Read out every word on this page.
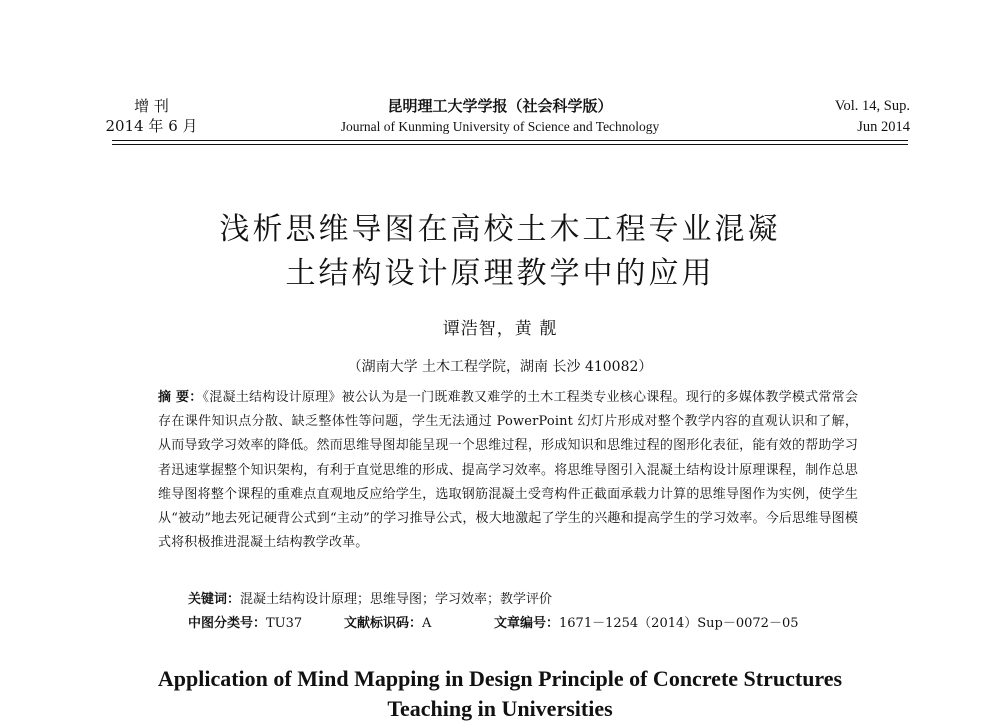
增 刊
2014 年 6 月
昆明理工大学学报（社会科学版）
Journal of Kunming University of Science and Technology
Vol. 14, Sup.
Jun 2014
浅析思维导图在高校土木工程专业混凝
土结构设计原理教学中的应用
谭浩智，黄 靓
（湖南大学 土木工程学院，湖南 长沙 410082）
摘 要：《混凝土结构设计原理》被公认为是一门既难教又难学的土木工程类专业核心课程。现行的多媒体教学模式常常会存在课件知识点分散、缺乏整体性等问题，学生无法通过 PowerPoint 幻灯片形成对整个教学内容的直观认识和了解，从而导致学习效率的降低。然而思维导图却能呈现一个思维过程，形成知识和思维过程的图形化表征，能有效的帮助学习者迅速掌握整个知识架构，有利于直觉思维的形成、提高学习效率。将思维导图引入混凝土结构设计原理课程，制作总思维导图将整个课程的重难点直观地反应给学生，选取钢筋混凝土受弯构件正截面承载力计算的思维导图作为实例，使学生从“被动”地去死记硬背公式到“主动”的学习推导公式，极大地激起了学生的兴趣和提高学生的学习效率。今后思维导图模式将积极推进混凝土结构教学改革。
关键词：混凝土结构设计原理；思维导图；学习效率；教学评价
中图分类号：TU37	文献标识码：A	文章编号：1671－1254（2014）Sup－0072－05
Application of Mind Mapping in Design Principle of Concrete Structures Teaching in Universities
